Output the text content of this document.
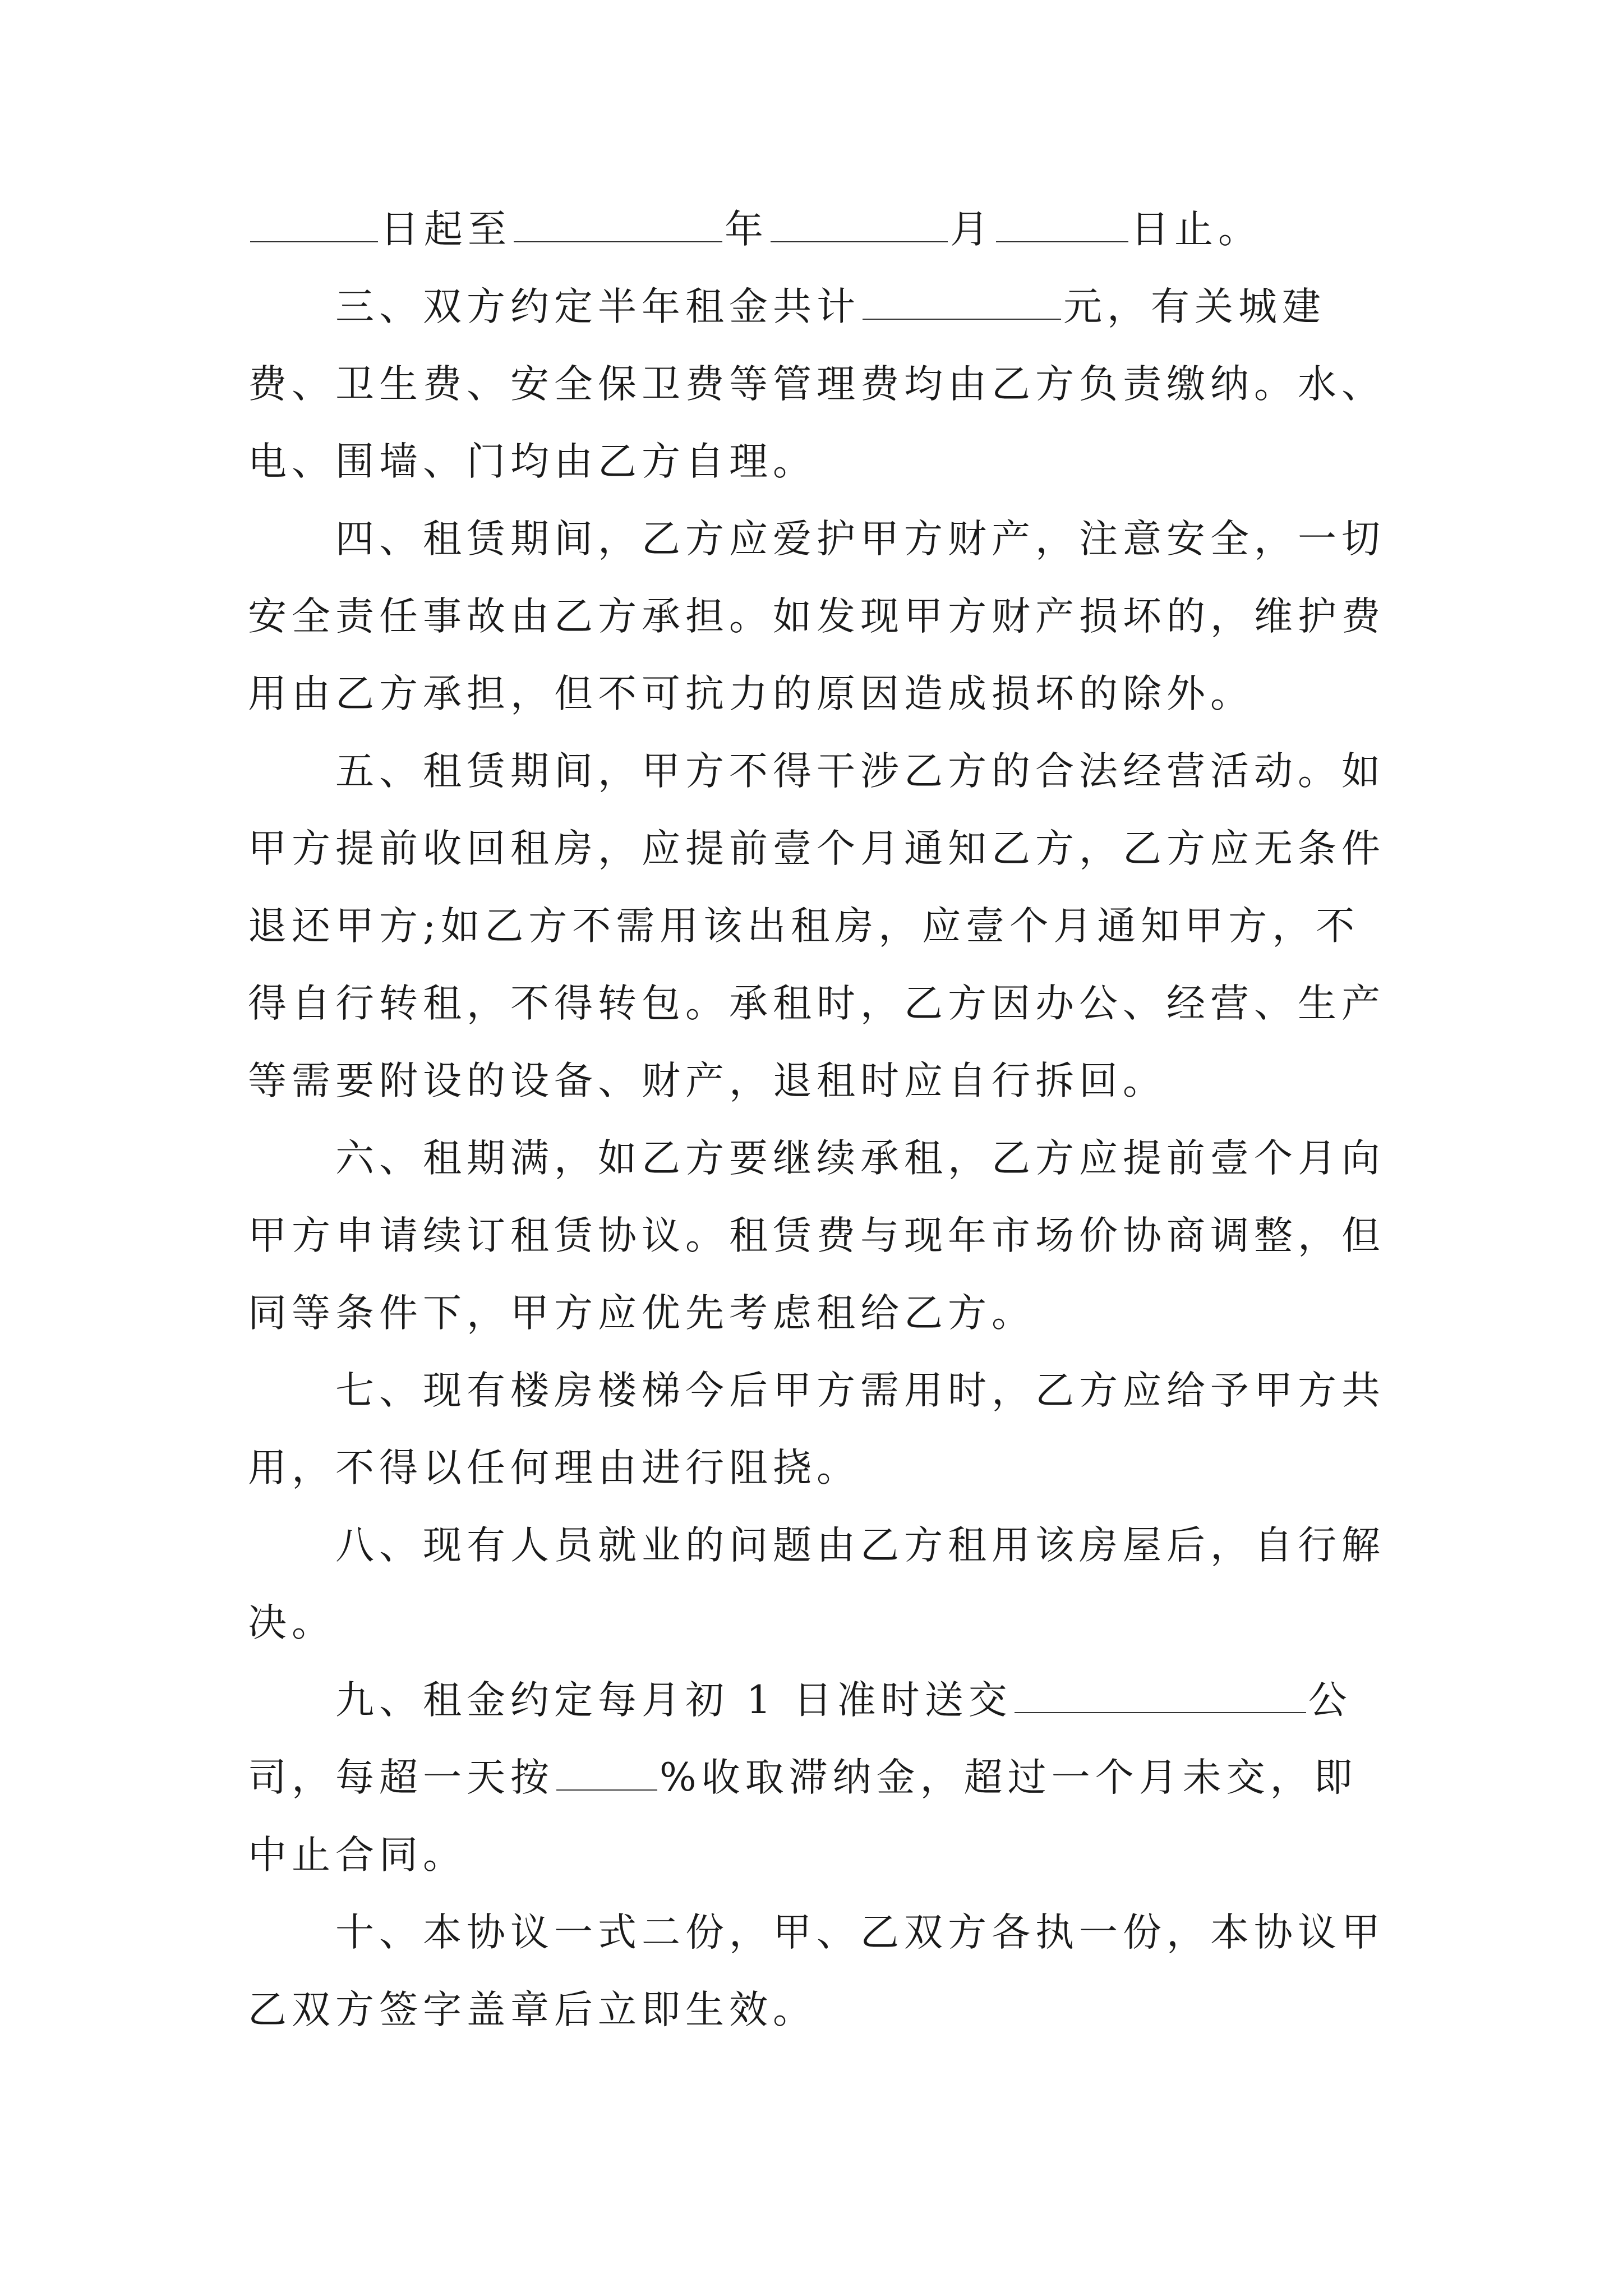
日起至	年	月	日止。

三、双方约定半年租金共计	元，有关城建费、卫生费、安全保卫费等管理费均由乙方负责缴纳。水、电、围墙、门均由乙方自理。

四、租赁期间，乙方应爱护甲方财产，注意安全，一切安全责任事故由乙方承担。如发现甲方财产损坏的，维护费用由乙方承担，但不可抗力的原因造成损坏的除外。

五、租赁期间，甲方不得干涉乙方的合法经营活动。如甲方提前收回租房，应提前壹个月通知乙方，乙方应无条件退还甲方;如乙方不需用该出租房，应壹个月通知甲方，不得自行转租，不得转包。承租时，乙方因办公、经营、生产等需要附设的设备、财产，退租时应自行拆回。

六、租期满，如乙方要继续承租，乙方应提前壹个月向甲方申请续订租赁协议。租赁费与现年市场价协商调整，但同等条件下，甲方应优先考虑租给乙方。

七、现有楼房楼梯今后甲方需用时，乙方应给予甲方共用，不得以任何理由进行阻挠。

八、现有人员就业的问题由乙方租用该房屋后，自行解决。

九、租金约定每月初 1 日准时送交	公司，每超一天按	%收取滞纳金，超过一个月未交，即中止合同。

十、本协议一式二份，甲、乙双方各执一份，本协议甲乙双方签字盖章后立即生效。
